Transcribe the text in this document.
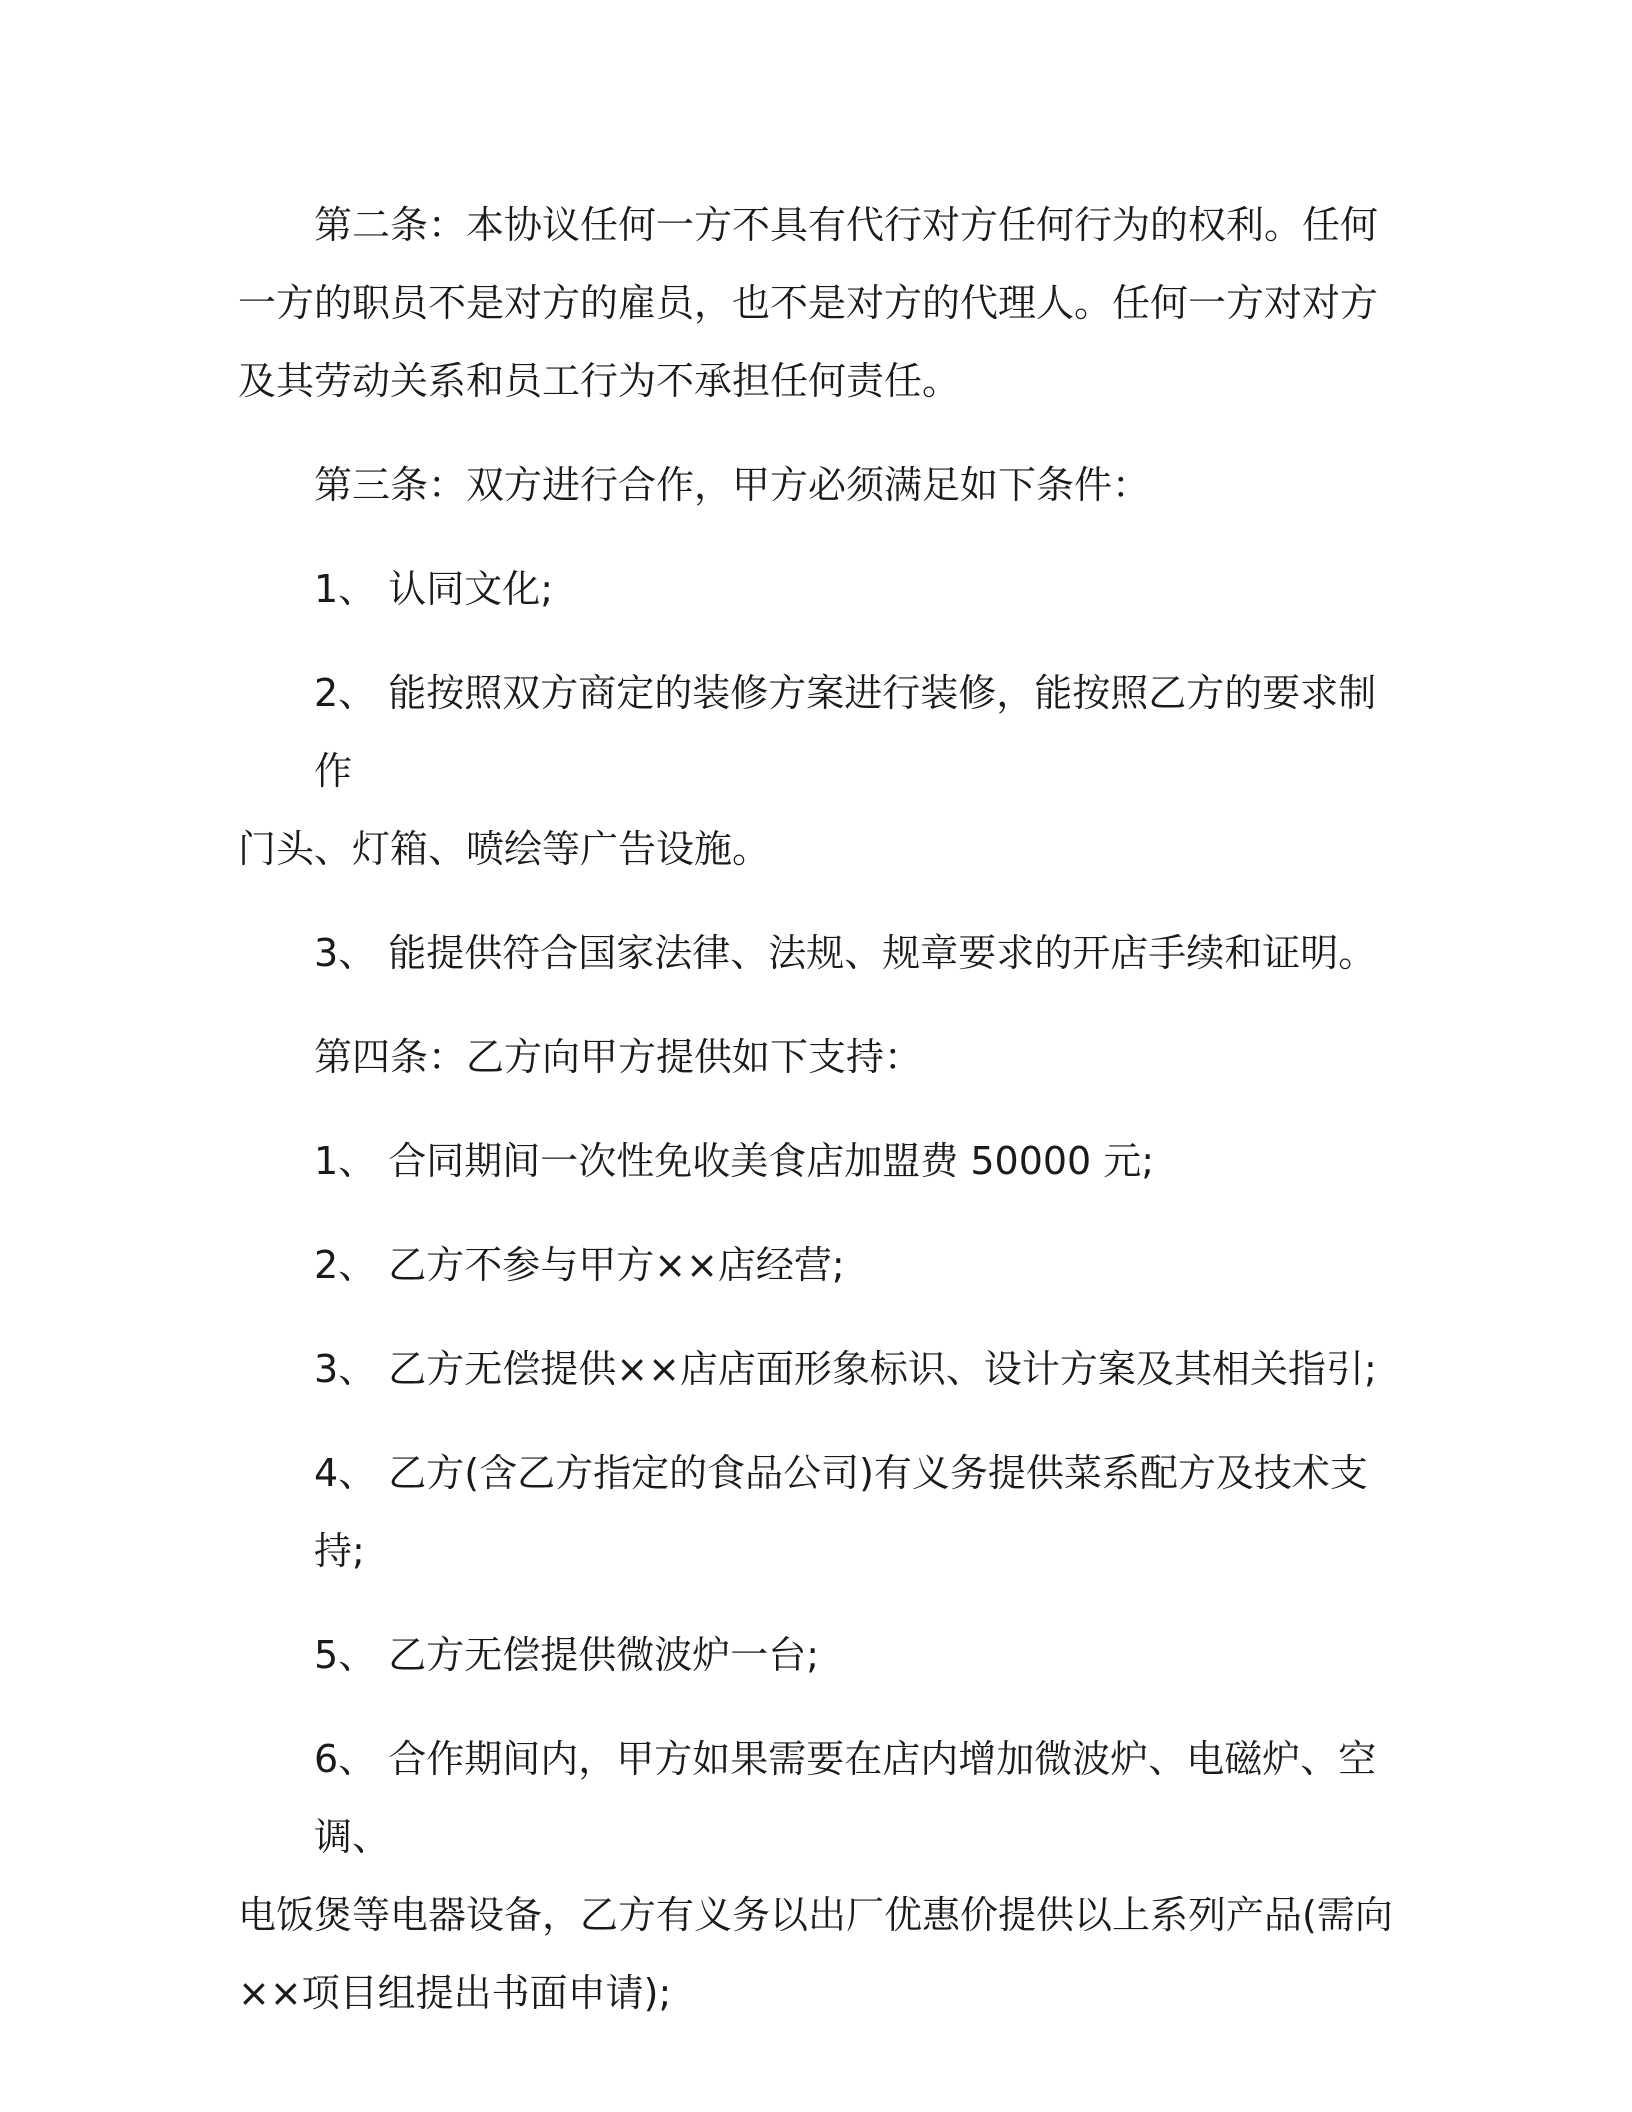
第二条：本协议任何一方不具有代行对方任何行为的权利。任何
一方的职员不是对方的雇员，也不是对方的代理人。任何一方对对方
及其劳动关系和员工行为不承担任何责任。
第三条：双方进行合作，甲方必须满足如下条件：
1、 认同文化;
2、 能按照双方商定的装修方案进行装修，能按照乙方的要求制作
门头、灯箱、喷绘等广告设施。
3、 能提供符合国家法律、法规、规章要求的开店手续和证明。
第四条：乙方向甲方提供如下支持：
1、 合同期间一次性免收美食店加盟费 50000 元;
2、 乙方不参与甲方××店经营;
3、 乙方无偿提供××店店面形象标识、设计方案及其相关指引;
4、 乙方(含乙方指定的食品公司)有义务提供菜系配方及技术支持;
5、 乙方无偿提供微波炉一台;
6、 合作期间内，甲方如果需要在店内增加微波炉、电磁炉、空调、
电饭煲等电器设备，乙方有义务以出厂优惠价提供以上系列产品(需向
××项目组提出书面申请);
